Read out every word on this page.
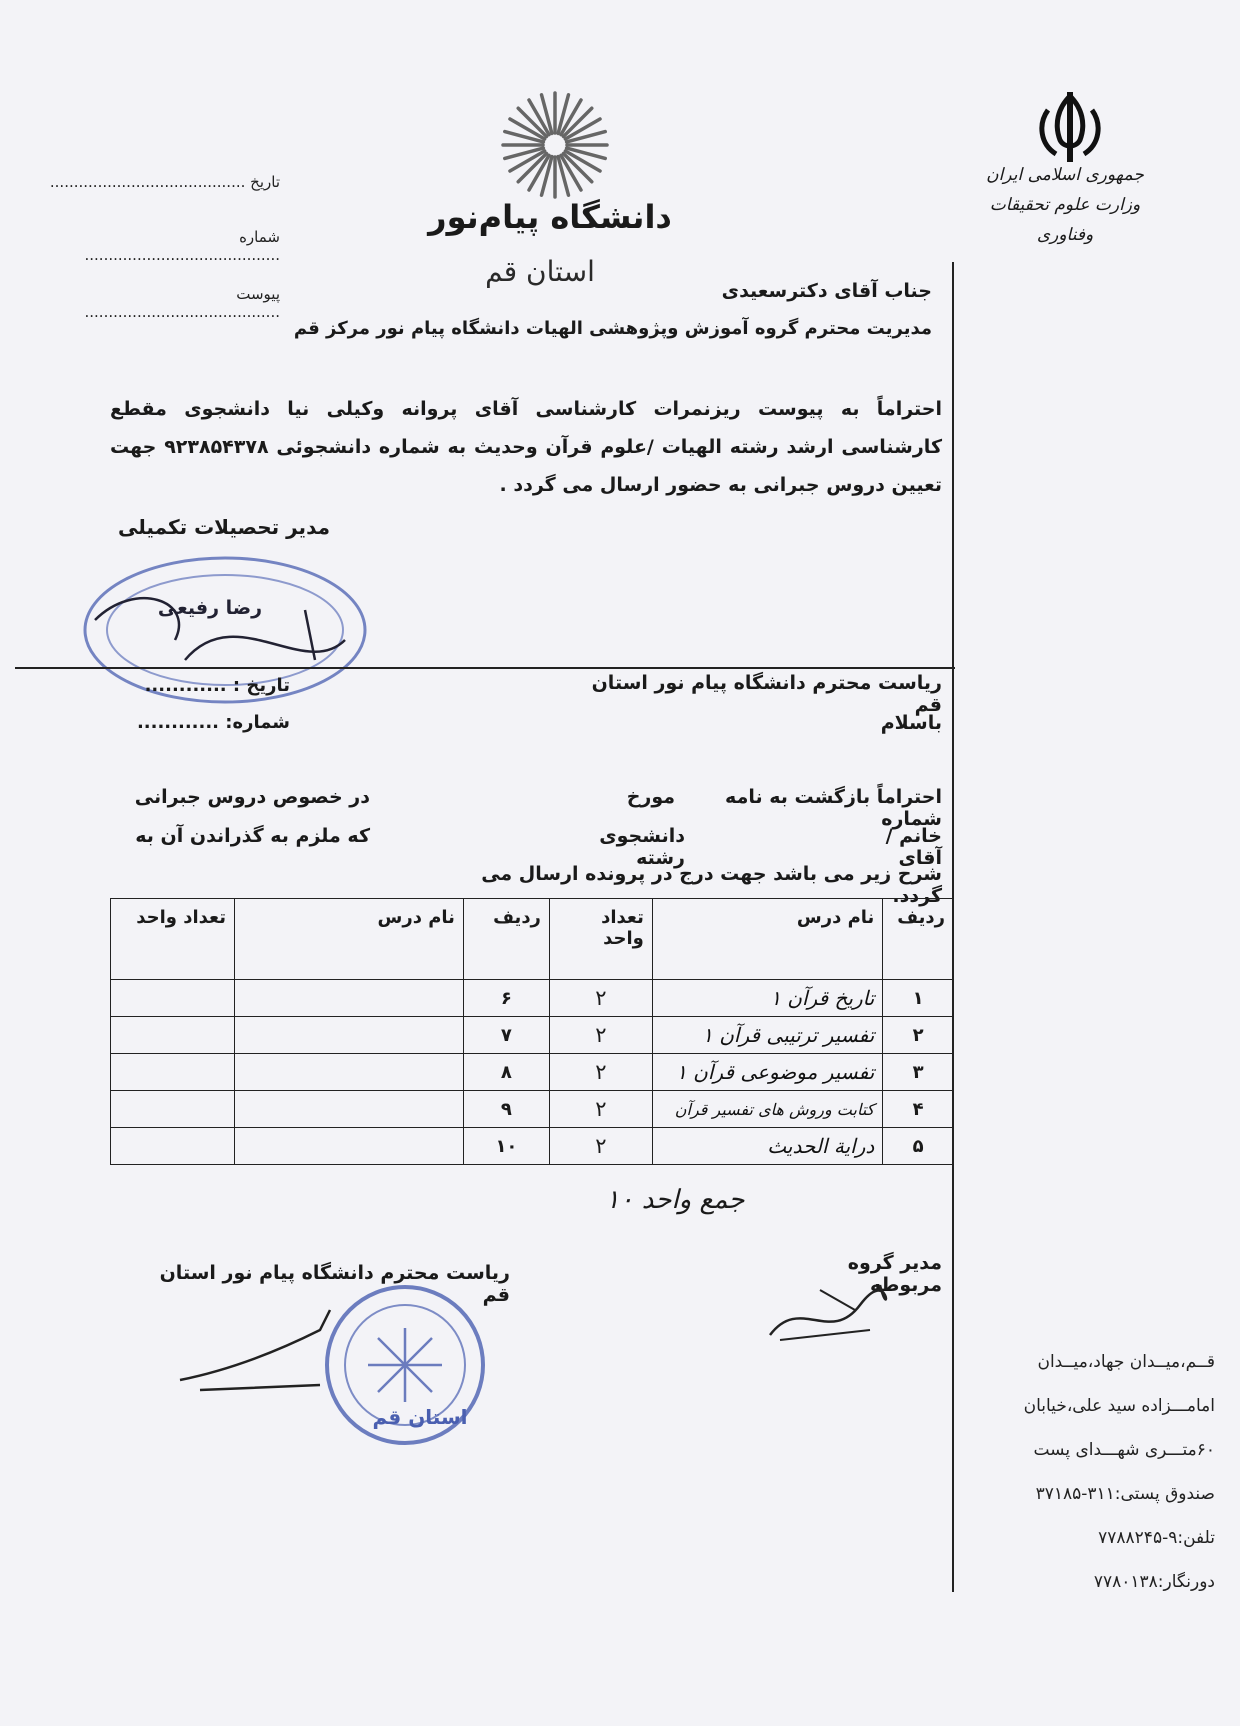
جمهوری اسلامی ایران
وزارت علوم تحقیقات وفناوری
دانشگاه پیام‌نور
استان قم
تاریخ .........................................
شماره .........................................
پیوست .........................................
جناب آقای دکترسعیدی
مدیریت محترم گروه آموزش وپژوهشی الهیات دانشگاه پیام نور مرکز قم
احتراماً به پیوست ریزنمرات کارشناسی آقای پروانه وکیلی نیا دانشجوی مقطع کارشناسی ارشد رشته الهیات /علوم قرآن وحدیث به شماره دانشجوئی ۹۲۳۸۵۴۳۷۸ جهت تعیین دروس جبرانی به حضور ارسال می گردد .
مدیر تحصیلات تکمیلی
رضا رفیعی
تاریخ : ............
شماره: ............
ریاست محترم دانشگاه پیام نور استان قم
باسلام
احتراماً بازگشت به نامه شماره
مورخ
در خصوص دروس جبرانی
خانم / آقای
دانشجوی رشته
که ملزم به گذراندن آن به
شرح زیر می باشد جهت درج در پرونده ارسال می گردد.
ردیف	نام درس	تعداد واحد	ردیف	نام درس	تعداد واحد
۱	تاریخ قرآن ۱	۲	۶		
۲	تفسیر ترتیبی قرآن ۱	۲	۷		
۳	تفسیر موضوعی قرآن ۱	۲	۸		
۴	کتابت وروش های تفسیر قرآن	۲	۹		
۵	درایة الحدیث	۲	۱۰		
جمع واحد ۱۰
مدیر گروه مربوطه
ریاست محترم دانشگاه پیام نور استان قم
استان قم
قــم،میــدان جهاد،میــدان
امامـــزاده سید علی،خیابان
۶۰متـــری شهـــدای پست
صندوق پستی:۳۱۱-۳۷۱۸۵
تلفن:۹-۷۷۸۸۲۴۵
دورنگار:۷۷۸۰۱۳۸
